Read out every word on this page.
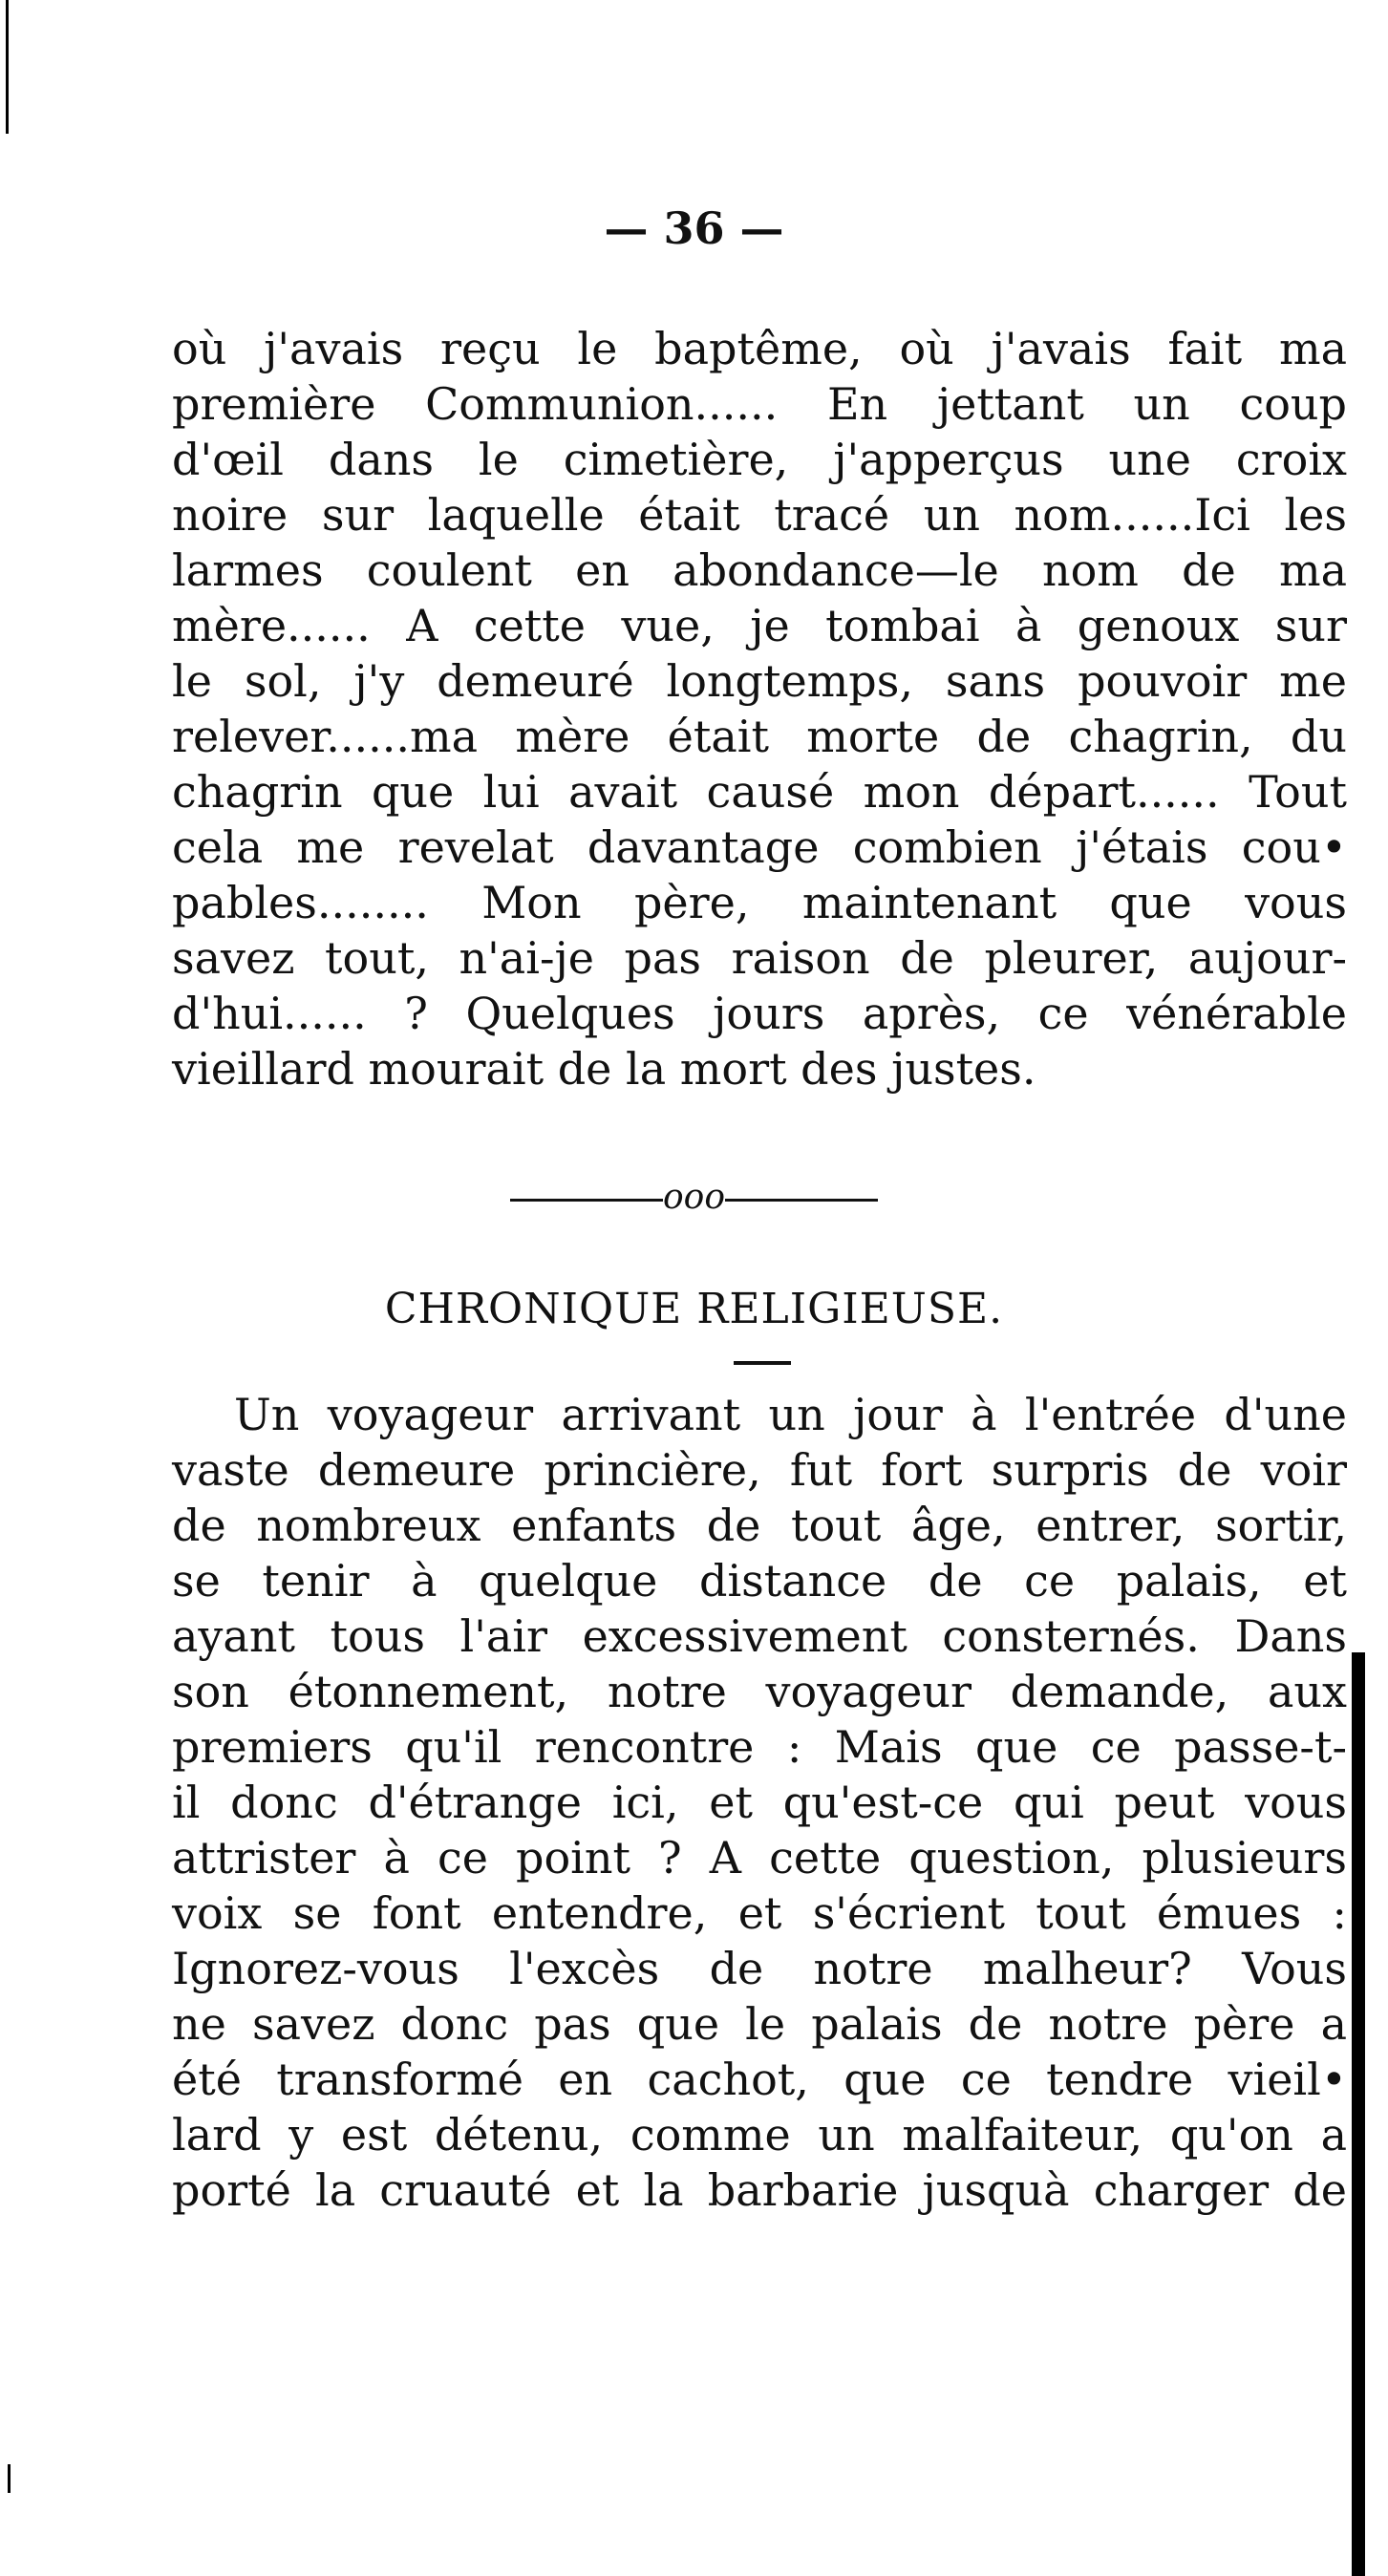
— 36 —
où j'avais reçu le baptême, où j'avais fait ma
première Communion...... En jettant un coup
d'œil dans le cimetière, j'apperçus une croix
noire sur laquelle était tracé un nom......Ici les
larmes coulent en abondance—le nom de ma
mère...... A cette vue, je tombai à genoux sur
le sol, j'y demeuré longtemps, sans pouvoir me
relever......ma mère était morte de chagrin, du
chagrin que lui avait causé mon départ...... Tout
cela me revelat davantage combien j'étais cou•
pables........ Mon père, maintenant que vous
savez tout, n'ai-je pas raison de pleurer, aujour-
d'hui...... ? Quelques jours après, ce vénérable
vieillard mourait de la mort des justes.
ooo
CHRONIQUE RELIGIEUSE.
Un voyageur arrivant un jour à l'entrée d'une
vaste demeure princière, fut fort surpris de voir
de nombreux enfants de tout âge, entrer, sortir,
se tenir à quelque distance de ce palais, et
ayant tous l'air excessivement consternés. Dans
son étonnement, notre voyageur demande, aux
premiers qu'il rencontre : Mais que ce passe-t-
il donc d'étrange ici, et qu'est-ce qui peut vous
attrister à ce point ? A cette question, plusieurs
voix se font entendre, et s'écrient tout émues :
Ignorez-vous l'excès de notre malheur? Vous
ne savez donc pas que le palais de notre père a
été transformé en cachot, que ce tendre vieil•
lard y est détenu, comme un malfaiteur, qu'on a
porté la cruauté et la barbarie jusquà charger de
